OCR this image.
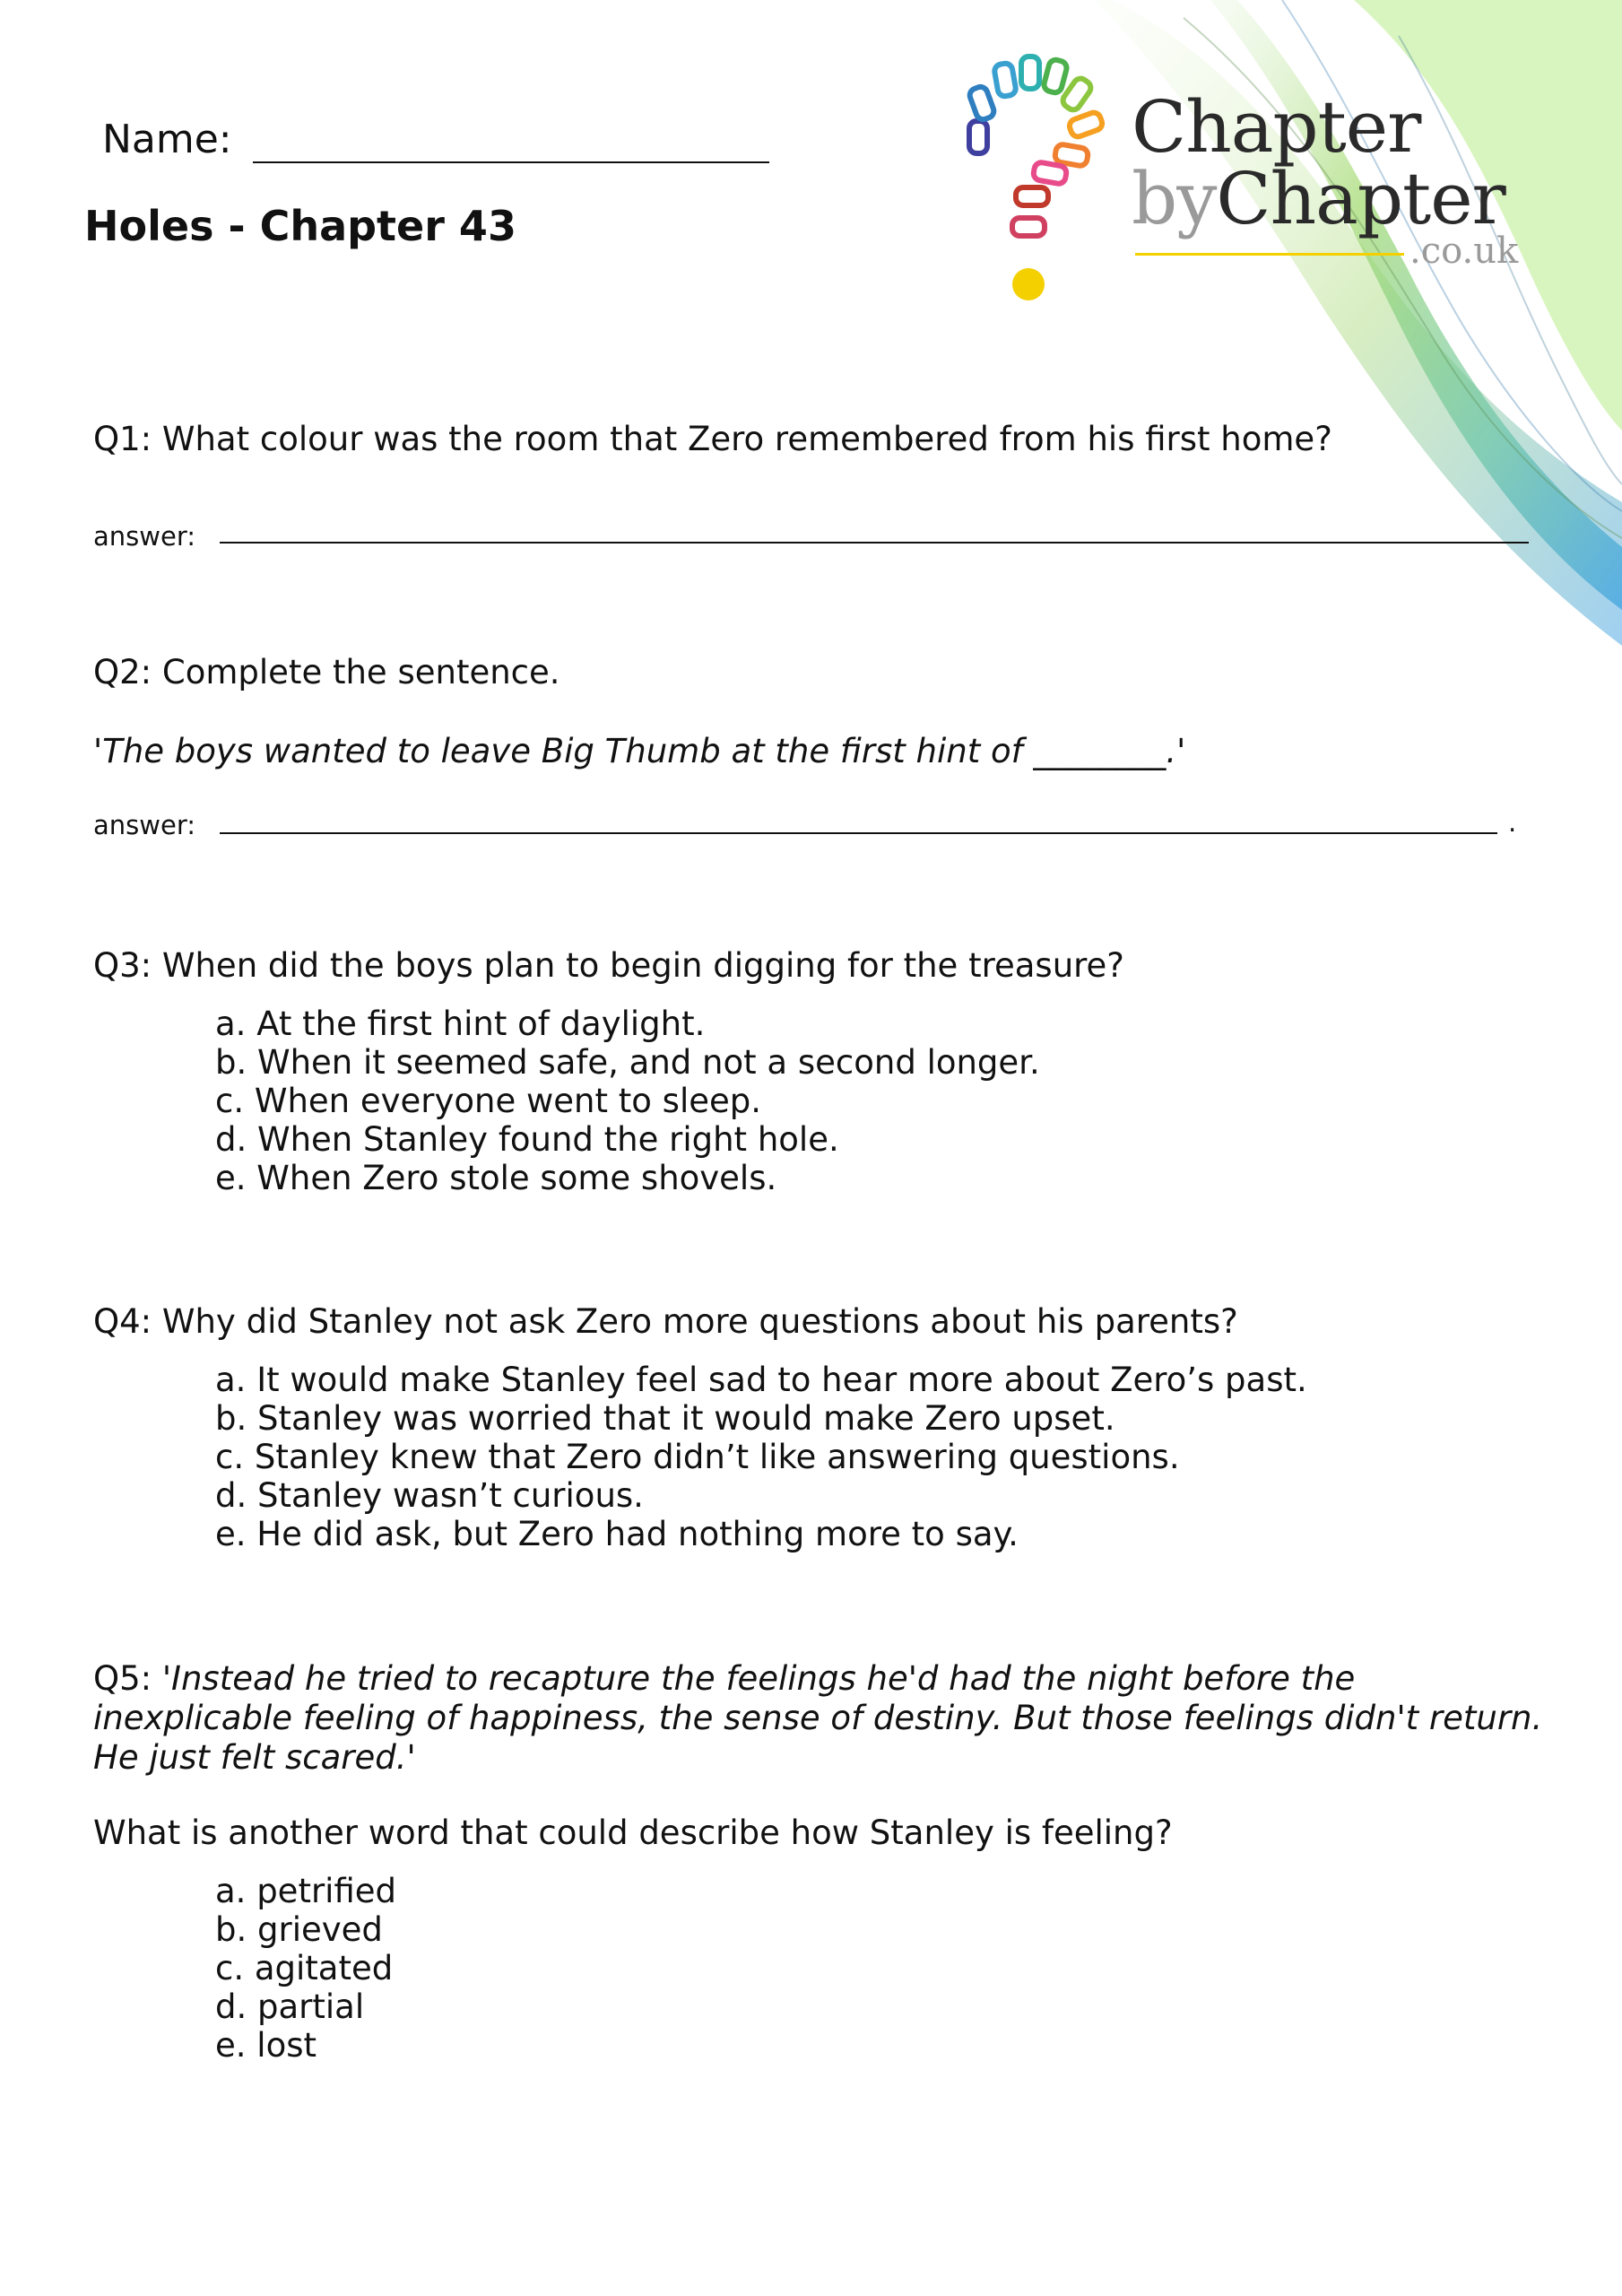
Name:
Holes - Chapter 43
Chapter
byChapter
.co.uk
Q1: What colour was the room that Zero remembered from his first home?
answer:
Q2: Complete the sentence.
'The boys wanted to leave Big Thumb at the first hint of ________.'
answer:	.
Q3: When did the boys plan to begin digging for the treasure?
a. At the first hint of daylight.
b. When it seemed safe, and not a second longer.
c. When everyone went to sleep.
d. When Stanley found the right hole.
e. When Zero stole some shovels.
Q4: Why did Stanley not ask Zero more questions about his parents?
a. It would make Stanley feel sad to hear more about Zero’s past.
b. Stanley was worried that it would make Zero upset.
c. Stanley knew that Zero didn’t like answering questions.
d. Stanley wasn’t curious.
e. He did ask, but Zero had nothing more to say.
Q5: 'Instead he tried to recapture the feelings he'd had the night before the
inexplicable feeling of happiness, the sense of destiny. But those feelings didn't return.
He just felt scared.'
What is another word that could describe how Stanley is feeling?
a. petrified
b. grieved
c. agitated
d. partial
e. lost
